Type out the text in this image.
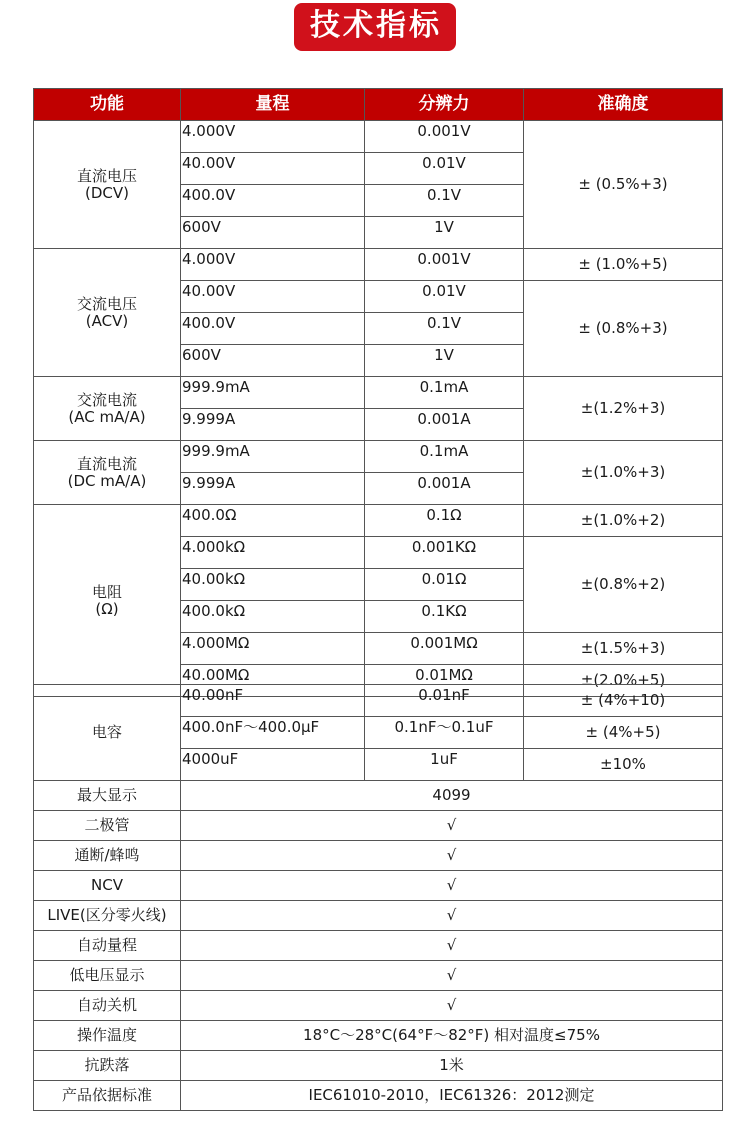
技术指标
功能	量程	分辨力	准确度

直流电压
(DCV)	4.000V	0.001V	± (0.5%+3)
	40.00V	0.01V	
	400.0V	0.1V	
	600V	1V	

交流电压
(ACV)	4.000V	0.001V	± (1.0%+5)
	40.00V	0.01V	± (0.8%+3)
	400.0V	0.1V	
	600V	1V	

交流电流
(AC mA/A)	999.9mA	0.1mA	±(1.2%+3)
	9.999A	0.001A	

直流电流
(DC mA/A)	999.9mA	0.1mA	±(1.0%+3)
	9.999A	0.001A	

电阻
(Ω)	400.0Ω	0.1Ω	±(1.0%+2)
	4.000kΩ	0.001KΩ	±(0.8%+2)
	40.00kΩ	0.01Ω	
	400.0kΩ	0.1KΩ	
	4.000MΩ	0.001MΩ	±(1.5%+3)
	40.00MΩ	0.01MΩ	±(2.0%+5)
电容	40.00nF	0.01nF	± (4%+10)
	400.0nF～400.0μF	0.1nF～0.1uF	± (4%+5)
	4000uF	1uF	±10%
最大显示	4099		
二极管	√		
通断/蜂鸣	√		
NCV	√		
LIVE(区分零火线)	√		
自动量程	√		
低电压显示	√		
自动关机	√		
操作温度	18°C～28°C(64°F～82°F) 相对温度≤75%		
抗跌落	1米		
产品依据标准	IEC61010-2010，IEC61326：2012测定		
